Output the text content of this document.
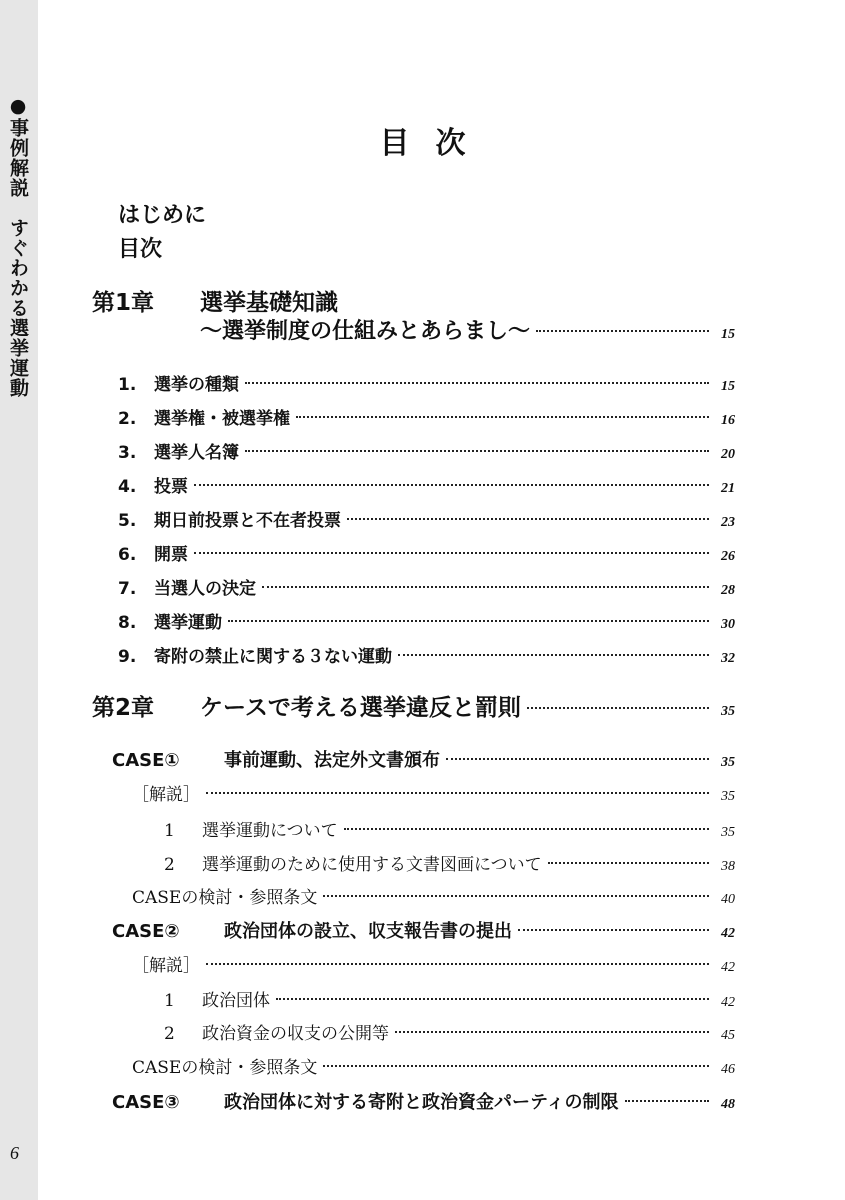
●事例解説　すぐわかる選挙運動
6
目次
はじめに
目次
第1章 選挙基礎知識
〜選挙制度の仕組みとあらまし〜	15
1. 選挙の種類	15
2. 選挙権・被選挙権	16
3. 選挙人名簿	20
4. 投票	21
5. 期日前投票と不在者投票	23
6. 開票	26
7. 当選人の決定	28
8. 選挙運動	30
9. 寄附の禁止に関する３ない運動	32
第2章 ケースで考える選挙違反と罰則	35
CASE① 事前運動、法定外文書頒布	35
［解説］	35
1 選挙運動について	35
2 選挙運動のために使用する文書図画について	38
CASEの検討・参照条文	40
CASE② 政治団体の設立、収支報告書の提出	42
［解説］	42
1 政治団体	42
2 政治資金の収支の公開等	45
CASEの検討・参照条文	46
CASE③ 政治団体に対する寄附と政治資金パーティの制限	48
